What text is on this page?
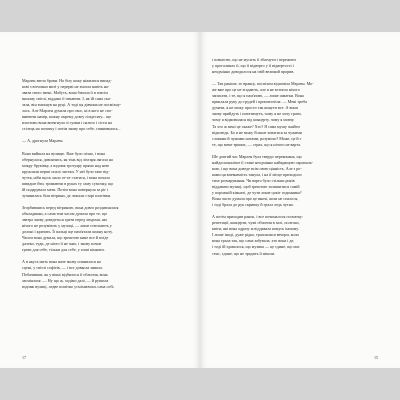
Марлен звела брови. На білу кожу ніжилися випад-
кові з вітчизни миті у перерві не змогла навіть на-
звати свого імені. Мабуть, вона бачила її в зовсім
іншому світлі, віддано її чекаючи. І, як їй сама ска-
зала, він змахнув на руці. А тоді ця дівчина не посміхну-
лась. Але Марлен думала про своє, ні в кого не спо-
внюючи намір, кожну окрему довгу сімдесяту... ще
властиво вона витягнула зі сумки і пальто і сісти на
стілець на початку і потім знову про себе, спинившись...

— А, дрогнула Марлен.

Вона вийшла на вулицю. Вже було пізно, і вона
обернулася, дивлячись, як тінь від ліхтаря лягала на
мокру бруківку, а вздовж тротуару прямо над нею
кружляли перші опалі листки. У неї було таке від-
чуття, ніби щось мало от-от статися, і вона почала
швидше йти, тримаючи в руках ту саму сумочку, що
їй подарувала мати. Потім вона повернула за ріг і
зупинилась біля вітрини, де лежали старі платівки.

Згорбившись перед вітриною, вона довго роздивлялася
обкладинки, а сама тим часом думала про те, що
завтра знову доведеться грати перед людьми, які
нічого не розуміють у музиці, — лише плескають у
долоні і кричать. Її пальці ще пам'ятали кожну ноту.
Часом вона думала, що зрештою кине все й поїде
далеко, туди, де ніхто її не знає, і знову почне
грати для себе, тільки для себе, у тиші кімнати.

А в якусь мить вона наче знову опинилася на
сцені, у світлі софітів, — і все довкола зникло.
Побачивши, як у вікні відбилося її обличчя, вона
засміялася: — Ну що ж, ходімо далі, — й рушила
вздовж вулиці, ледве помітно усміхаючись сама собі.

17

і повністю, що не мусить її збагнути і пережити
у прогалинах її, що її відверто у її відвертості і
неодмінно доводилося на свій великий прорив.

— Так раніше, то вранці, поспіхом відповіла Марлен. Мо-
же вже про це не згадають, але я не встигла нічого
записати, і те, що я пам'ятаю, — лише шматки. Вона
приклала руку до грудей і прошепотіла: — Мені треба
думати, я не можу просто так кинути все. А вони
знову прийдуть і питатимуть, чому я не хочу грати,
чому я відмовилася від концерту, чому я мовчу.
Та хто ж мені це скаже? Хто? Я сама мушу знайти
відповідь. Бо я не можу більше ховатися за чужими
словами й чужими нотами, розумієш? Може, це й є
те, що мене тримає, — страх, що я нічого не варта.

Ше довгий час Марлен була твердо переконана, що
найдосконаліше її стане неодмінно найкращою скрипаль-
кою, і що вона доведе всім свою цінність. Але з ро-
ками ця впевненість танула, і на її місце приходило
тихе розчарування. Чи варто було стільки років
віддавати музиці, щоб зрештою залишитися самій
у порожній кімнаті, де чути лише цокіт годинника?
Вона часто думала про це вночі, коли не спалося,
і тоді брала до рук скрипку й грала ледь чутно.

А потім приходив ранок, і все починалося спочатку:
репетиції, концерти, чужі обличчя в залі, оплески,
квіти, які вона одразу ж віддавала комусь іншому.
І лише іноді, дуже рідко, траплялися вечори, коли
вона грала так, що сама забувала, хто вона і де,
і тоді їй здавалося, що музика — це єдине, що має
сенс, єдине, що не зрадить її ніколи.

15
